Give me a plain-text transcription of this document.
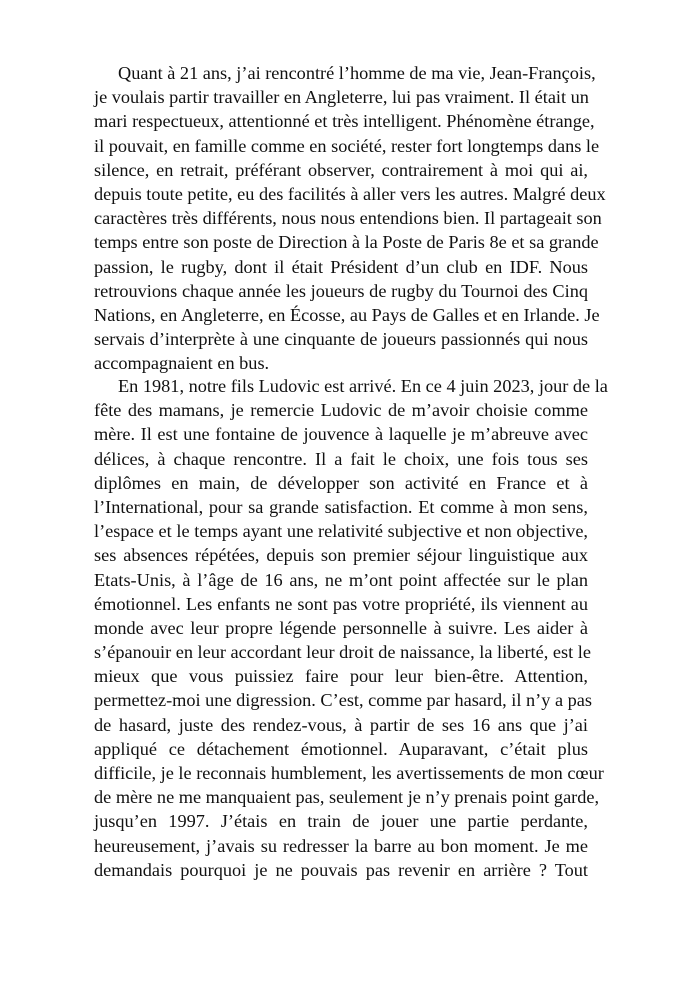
Quant à 21 ans, j’ai rencontré l’homme de ma vie, Jean-François,
je voulais partir travailler en Angleterre, lui pas vraiment. Il était un
mari respectueux, attentionné et très intelligent. Phénomène étrange,
il pouvait, en famille comme en société, rester fort longtemps dans le
silence, en retrait, préférant observer, contrairement à moi qui ai,
depuis toute petite, eu des facilités à aller vers les autres. Malgré deux
caractères très différents, nous nous entendions bien. Il partageait son
temps entre son poste de Direction à la Poste de Paris 8e et sa grande
passion, le rugby, dont il était Président d’un club en IDF. Nous
retrouvions chaque année les joueurs de rugby du Tournoi des Cinq
Nations, en Angleterre, en Écosse, au Pays de Galles et en Irlande. Je
servais d’interprète à une cinquante de joueurs passionnés qui nous
accompagnaient en bus.
En 1981, notre fils Ludovic est arrivé. En ce 4 juin 2023, jour de la
fête des mamans, je remercie Ludovic de m’avoir choisie comme
mère. Il est une fontaine de jouvence à laquelle je m’abreuve avec
délices, à chaque rencontre. Il a fait le choix, une fois tous ses
diplômes en main, de développer son activité en France et à
l’International, pour sa grande satisfaction. Et comme à mon sens,
l’espace et le temps ayant une relativité subjective et non objective,
ses absences répétées, depuis son premier séjour linguistique aux
Etats-Unis, à l’âge de 16 ans, ne m’ont point affectée sur le plan
émotionnel. Les enfants ne sont pas votre propriété, ils viennent au
monde avec leur propre légende personnelle à suivre. Les aider à
s’épanouir en leur accordant leur droit de naissance, la liberté, est le
mieux que vous puissiez faire pour leur bien-être. Attention,
permettez-moi une digression. C’est, comme par hasard, il n’y a pas
de hasard, juste des rendez-vous, à partir de ses 16 ans que j’ai
appliqué ce détachement émotionnel. Auparavant, c’était plus
difficile, je le reconnais humblement, les avertissements de mon cœur
de mère ne me manquaient pas, seulement je n’y prenais point garde,
jusqu’en 1997. J’étais en train de jouer une partie perdante,
heureusement, j’avais su redresser la barre au bon moment. Je me
demandais pourquoi je ne pouvais pas revenir en arrière ? Tout
